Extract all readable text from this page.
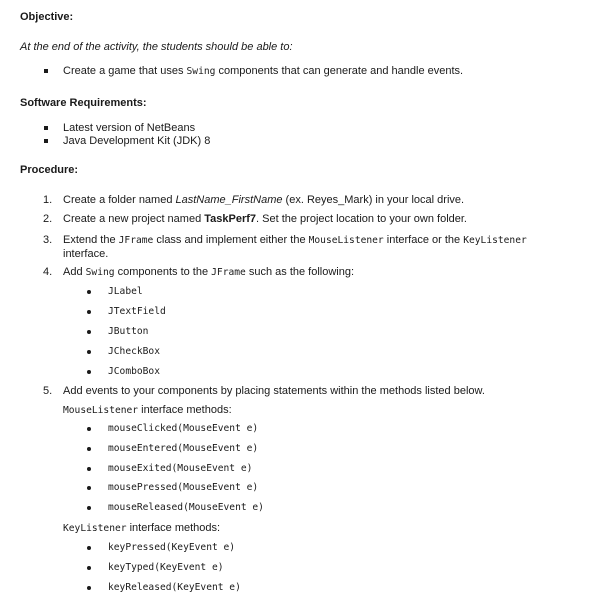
Objective:
At the end of the activity, the students should be able to:
Create a game that uses Swing components that can generate and handle events.
Software Requirements:
Latest version of NetBeans
Java Development Kit (JDK) 8
Procedure:
1. Create a folder named LastName_FirstName (ex. Reyes_Mark) in your local drive.
2. Create a new project named TaskPerf7. Set the project location to your own folder.
3. Extend the JFrame class and implement either the MouseListener interface or the KeyListener
interface.
4. Add Swing components to the JFrame such as the following:
JLabel
JTextField
JButton
JCheckBox
JComboBox
5. Add events to your components by placing statements within the methods listed below.
MouseListener interface methods:
mouseClicked(MouseEvent e)
mouseEntered(MouseEvent e)
mouseExited(MouseEvent e)
mousePressed(MouseEvent e)
mouseReleased(MouseEvent e)
KeyListener interface methods:
keyPressed(KeyEvent e)
keyTyped(KeyEvent e)
keyReleased(KeyEvent e)
